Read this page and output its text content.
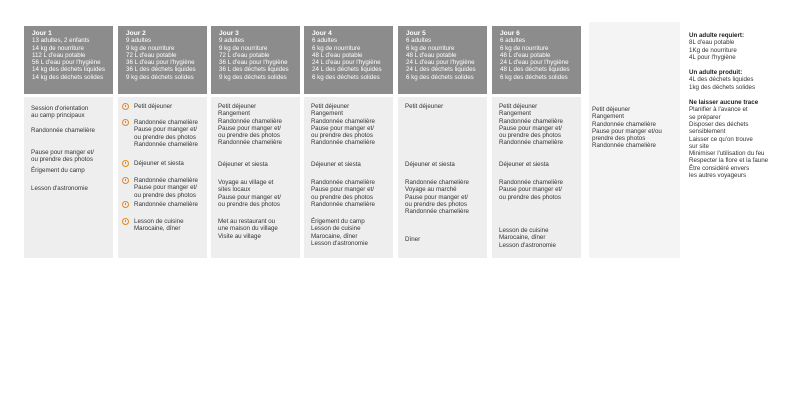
Jour 1
13 adultes, 2 enfants
14 kg de nourriture
112 L d'eau potable
56 L d'eau pour l'hygiène
14 kg des déchets liquides
14 kg des déchets solides
Session d'orientation
au camp principaux
Randonnée chamelière
Pause pour manger et/
ou prendre des photos
Érigement du camp
Lesson d'astronomie
Jour 2
9 adultes
9 kg de nourriture
72 L d'eau potable
36 L d'eau pour l'hygiène
36 L des déchets liquides
9 kg des déchets solides
Petit déjeuner
Randonnée chamelière
Pause pour manger et/
ou prendre des photos
Randonnée chamelière
Déjeuner et siesta
Randonnée chamelière
Pause pour manger et/
ou prendre des photos
Randonnée chamelière
Lesson de cuisine
Marocaine, dîner
Jour 3
9 adultes
9 kg de nourriture
72 L d'eau potable
36 L d'eau pour l'hygiène
36 L des déchets liquides
9 kg des déchets solides
Petit déjeuner
Rangement
Randonnée chamelière
Pause pour manger et/
ou prendre des photos
Randonnée chamelière
Déjeuner et siesta
Voyage au village et
sites locaux
Pause pour manger et/
ou prendre des photos
Met au restaurant ou
une maison du village
Visite au village
Jour 4
6 adultes
6 kg de nourriture
48 L d'eau potable
24 L d'eau pour l'hygiène
24 L des déchets liquides
6 kg des déchets solides
Petit déjeuner
Rangement
Randonnée chamelière
Pause pour manger et/
ou prendre des photos
Randonnée chamelière
Déjeuner et siesta
Randonnée chamelière
Pause pour manger et/
ou prendre des photos
Randonnée chamelière
Érigement du camp
Lesson de cuisine
Marocaine, dîner
Lesson d'astronomie
Jour 5
6 adultes
6 kg de nourriture
48 L d'eau potable
24 L d'eau pour l'hygiène
24 L des déchets liquides
6 kg des déchets solides
Petit déjeuner
Déjeuner et siesta
Randonnée chamelière
Voyage au marché
Pause pour manger et/
ou prendre des photos
Randonnée chamelière
Dîner
Jour 6
6 adultes
6 kg de nourriture
48 L d'eau potable
24 L d'eau pour l'hygiène
48 L des déchets liquides
6 kg des déchets solides
Petit déjeuner
Rangement
Randonnée chamelière
Pause pour manger et/
ou prendre des photos
Randonnée chamelière
Déjeuner et siesta
Randonnée chamelière
Pause pour manger et/
ou prendre des photos
Lesson de cuisine
Marocaine, dîner
Lesson d'astronomie
Petit déjeuner
Rangement
Randonnée chamelière
Pause pour manger et/ou
prendre des photos
Randonnée chamelière
Un adulte requiert:
8L d'eau potable
1Kg de nourriture
4L pour l'hygiène
Un adulte produit:
4L des déchets liquides
1kg des déchets solides
Ne laisser aucune trace
Planifier à l'avance et
se préparer
Disposer des déchets
sensiblement
Laisser ce qu'on trouve
sur site
Minimiser l'utilisation du feu
Respecter la flore et la faune
Être considéré envers
les autres voyageurs
